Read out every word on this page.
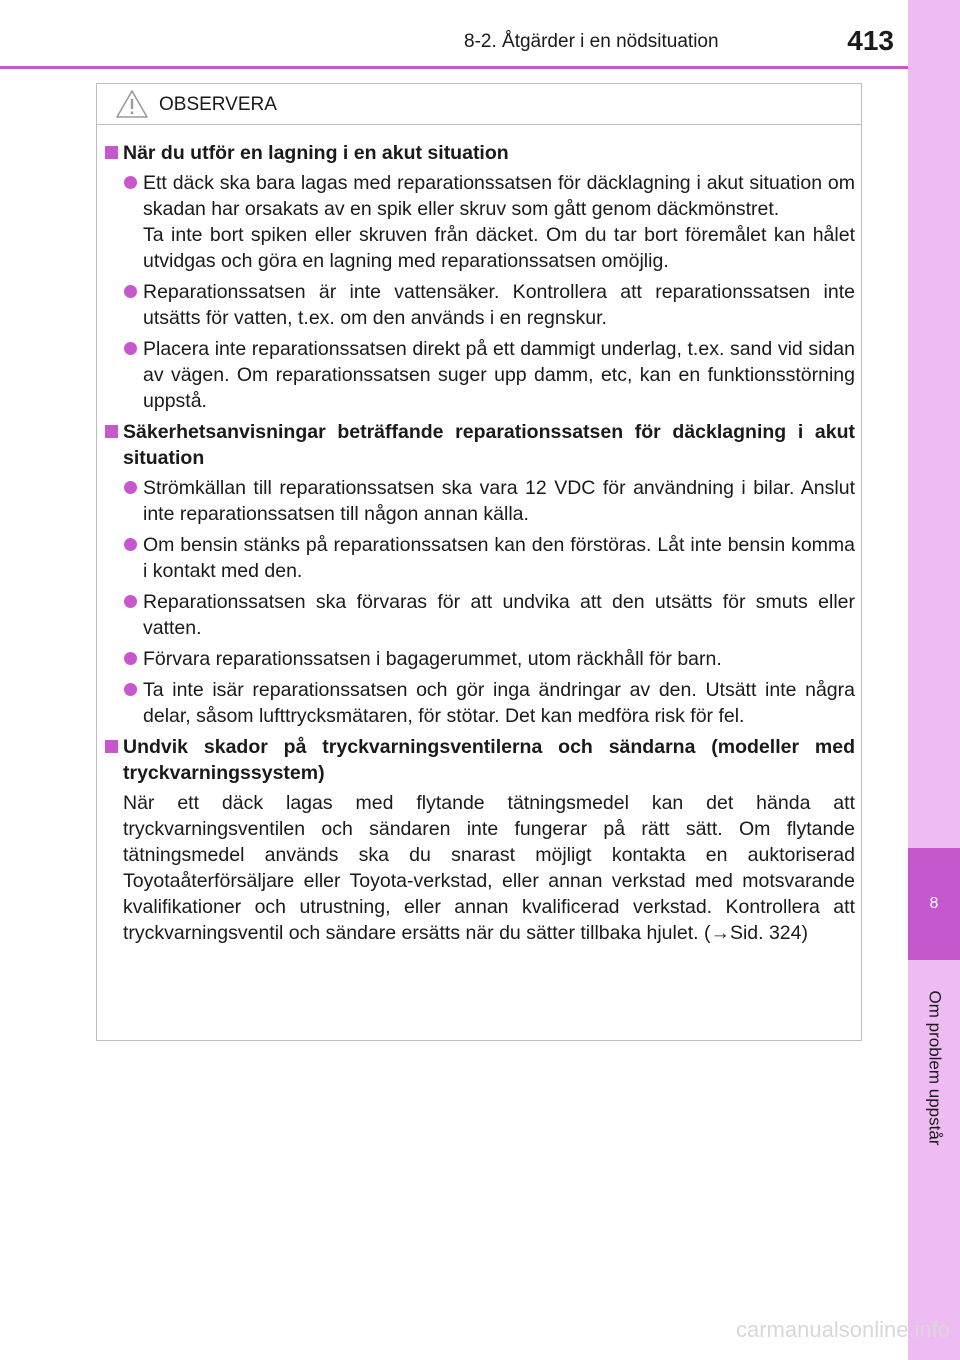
8
Om problem uppstår
8-2. Åtgärder i en nödsituation	413
OBSERVERA
När du utför en lagning i en akut situation
Ett däck ska bara lagas med reparationssatsen för däcklagning i akut situation om skadan har orsakats av en spik eller skruv som gått genom däckmönstret.
Ta inte bort spiken eller skruven från däcket. Om du tar bort föremålet kan hålet utvidgas och göra en lagning med reparationssatsen omöjlig.
Reparationssatsen är inte vattensäker. Kontrollera att reparationssatsen inte utsätts för vatten, t.ex. om den används i en regnskur.
Placera inte reparationssatsen direkt på ett dammigt underlag, t.ex. sand vid sidan av vägen. Om reparationssatsen suger upp damm, etc, kan en funktionsstörning uppstå.
Säkerhetsanvisningar beträffande reparationssatsen för däcklagning i akut situation
Strömkällan till reparationssatsen ska vara 12 VDC för användning i bilar. Anslut inte reparationssatsen till någon annan källa.
Om bensin stänks på reparationssatsen kan den förstöras. Låt inte bensin komma i kontakt med den.
Reparationssatsen ska förvaras för att undvika att den utsätts för smuts eller vatten.
Förvara reparationssatsen i bagagerummet, utom räckhåll för barn.
Ta inte isär reparationssatsen och gör inga ändringar av den. Utsätt inte några delar, såsom lufttrycksmätaren, för stötar. Det kan medföra risk för fel.
Undvik skador på tryckvarningsventilerna och sändarna (modeller med tryckvarningssystem)
När ett däck lagas med flytande tätningsmedel kan det hända att tryckvarningsventilen och sändaren inte fungerar på rätt sätt. Om flytande tätningsmedel används ska du snarast möjligt kontakta en auktoriserad Toyotaåterförsäljare eller Toyota-verkstad, eller annan verkstad med motsvarande kvalifikationer och utrustning, eller annan kvalificerad verkstad. Kontrollera att tryckvarningsventil och sändare ersätts när du sätter tillbaka hjulet. (→Sid. 324)
carmanualsonline.info
